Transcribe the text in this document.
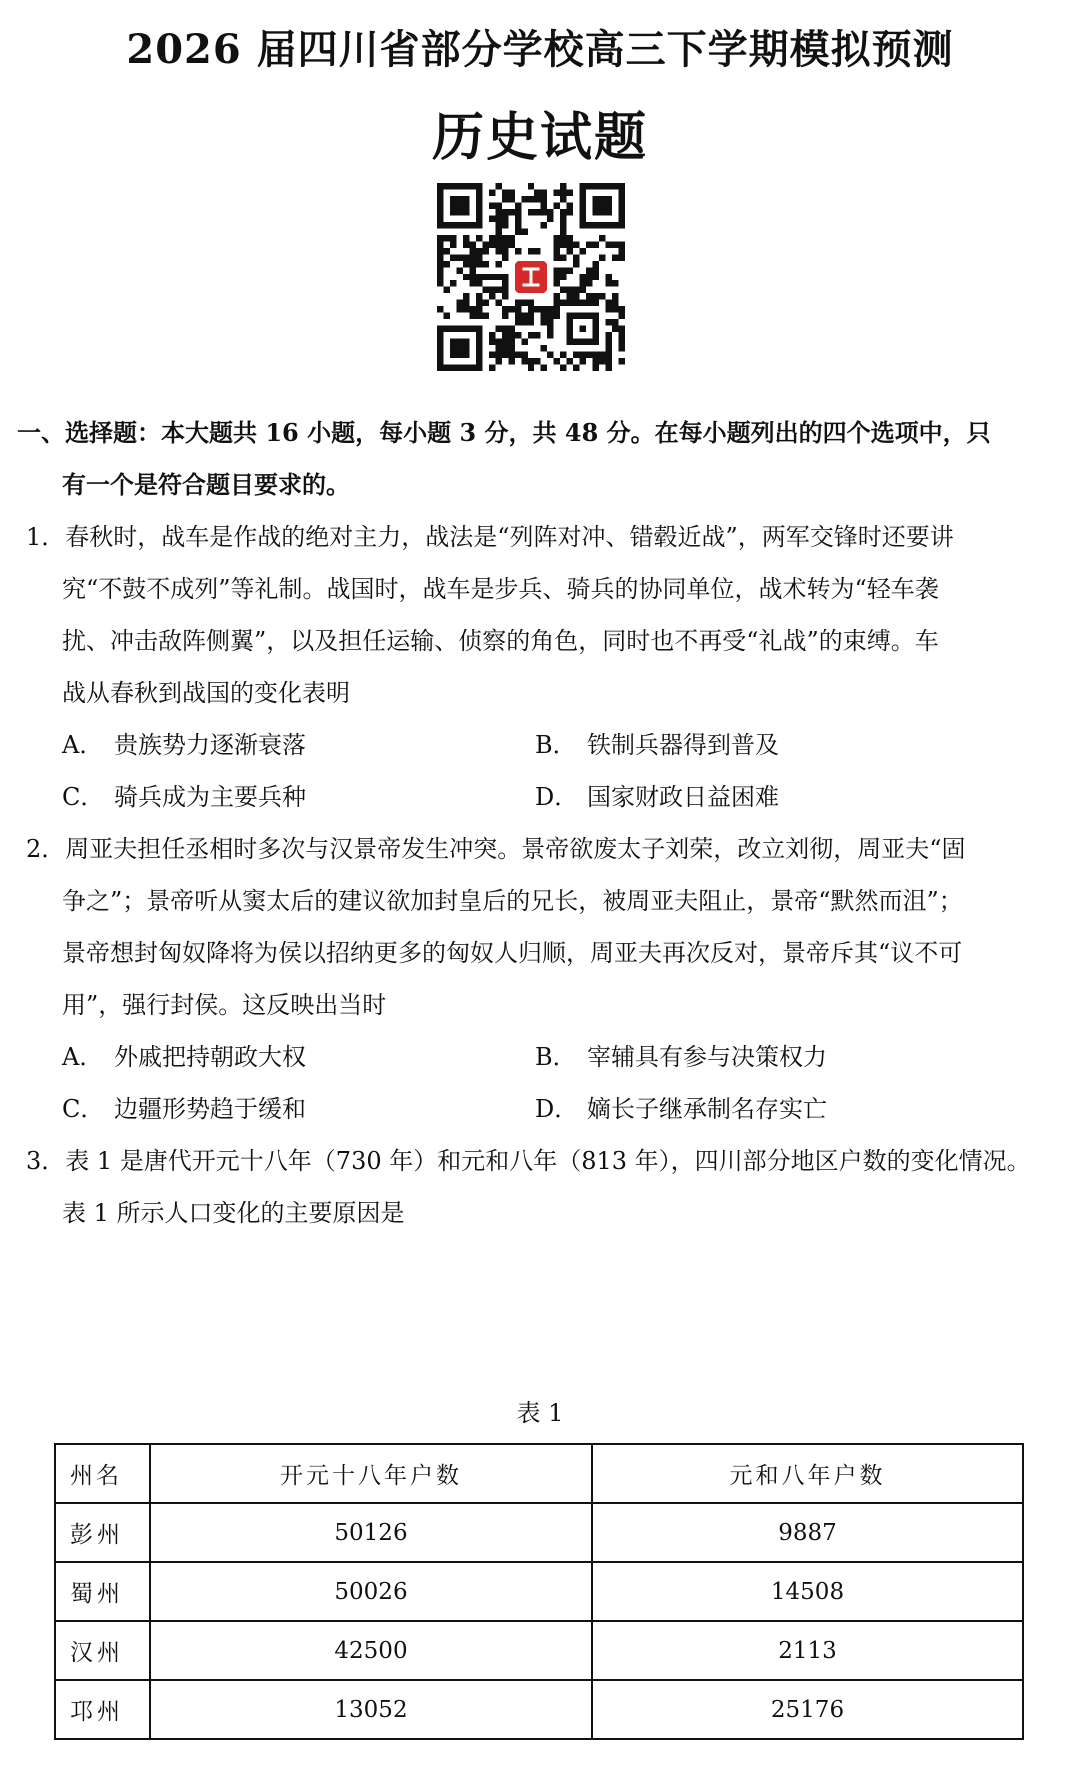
2026 届四川省部分学校高三下学期模拟预测
历史试题
一、选择题：本大题共 16 小题，每小题 3 分，共 48 分。在每小题列出的四个选项中，只
有一个是符合题目要求的。
1．春秋时，战车是作战的绝对主力，战法是“列阵对冲、错毂近战”，两军交锋时还要讲
究“不鼓不成列”等礼制。战国时，战车是步兵、骑兵的协同单位，战术转为“轻车袭
扰、冲击敌阵侧翼”，以及担任运输、侦察的角色，同时也不再受“礼战”的束缚。车
战从春秋到战国的变化表明
A． 贵族势力逐渐衰落	B． 铁制兵器得到普及
C． 骑兵成为主要兵种	D． 国家财政日益困难
2．周亚夫担任丞相时多次与汉景帝发生冲突。景帝欲废太子刘荣，改立刘彻，周亚夫“固
争之”；景帝听从窦太后的建议欲加封皇后的兄长，被周亚夫阻止，景帝“默然而沮”；
景帝想封匈奴降将为侯以招纳更多的匈奴人归顺，周亚夫再次反对，景帝斥其“议不可
用”，强行封侯。这反映出当时
A． 外戚把持朝政大权	B． 宰辅具有参与决策权力
C． 边疆形势趋于缓和	D． 嫡长子继承制名存实亡
3．表 1 是唐代开元十八年（730 年）和元和八年（813 年），四川部分地区户数的变化情况。
表 1 所示人口变化的主要原因是
表 1
州名	开元十八年户数	元和八年户数
彭州	50126	9887
蜀州	50026	14508
汉州	42500	2113
邛州	13052	25176
